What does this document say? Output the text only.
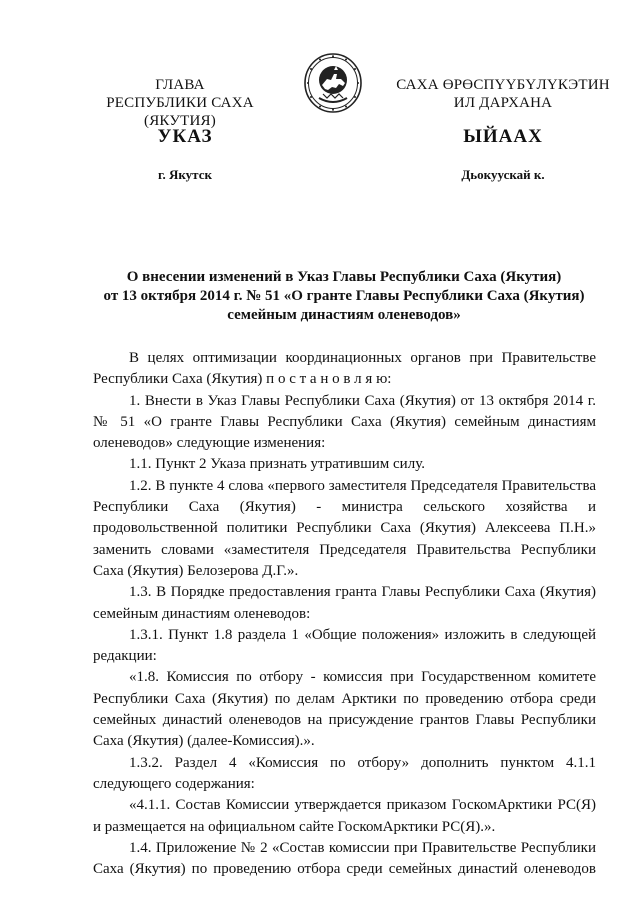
ГЛАВА
РЕСПУБЛИКИ САХА (ЯКУТИЯ)
САХА ӨРӨСПҮҮБҮЛҮКЭТИН
ИЛ ДАРХАНА
УКАЗ	ЫЙААХ
г. Якутск	Дьокуускай к.
О внесении изменений в Указ Главы Республики Саха (Якутия)
от 13 октября 2014 г. № 51 «О гранте Главы Республики Саха (Якутия)
семейным династиям оленеводов»

В целях оптимизации координационных органов при Правительстве Республики Саха (Якутия) п о с т а н о в л я ю:

1. Внести в Указ Главы Республики Саха (Якутия) от 13 октября 2014 г. № 51 «О гранте Главы Республики Саха (Якутия) семейным династиям оленеводов» следующие изменения:

1.1. Пункт 2 Указа признать утратившим силу.

1.2. В пункте 4 слова «первого заместителя Председателя Правительства Республики Саха (Якутия) - министра сельского хозяйства и продовольственной политики Республики Саха (Якутия) Алексеева П.Н.» заменить словами «заместителя Председателя Правительства Республики Саха (Якутия) Белозерова Д.Г.».

1.3. В Порядке предоставления гранта Главы Республики Саха (Якутия) семейным династиям оленеводов:

1.3.1. Пункт 1.8 раздела 1 «Общие положения» изложить в следующей редакции:

«1.8. Комиссия по отбору - комиссия при Государственном комитете Республики Саха (Якутия) по делам Арктики по проведению отбора среди семейных династий оленеводов на присуждение грантов Главы Республики Саха (Якутия) (далее-Комиссия).».

1.3.2. Раздел 4 «Комиссия по отбору» дополнить пунктом 4.1.1 следующего содержания:

«4.1.1. Состав Комиссии утверждается приказом ГоскомАрктики РС(Я) и размещается на официальном сайте ГоскомАрктики РС(Я).».

1.4. Приложение № 2 «Состав комиссии при Правительстве Республики Саха (Якутия) по проведению отбора среди семейных династий оленеводов
